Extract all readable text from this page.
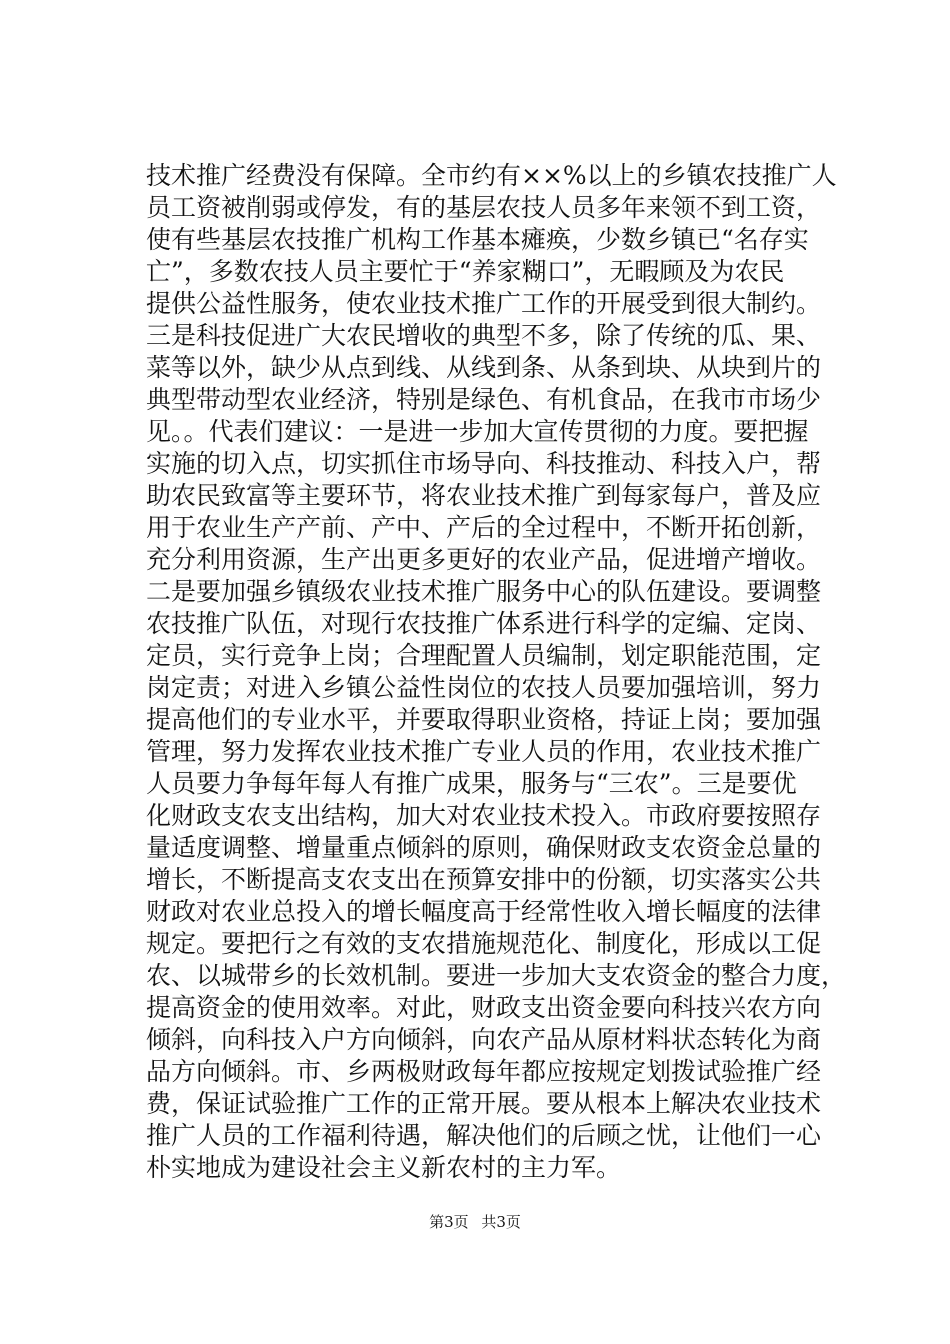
技术推广经费没有保障。全市约有××%以上的乡镇农技推广人
员工资被削弱或停发，有的基层农技人员多年来领不到工资，
使有些基层农技推广机构工作基本瘫痪，少数乡镇已“名存实
亡”，多数农技人员主要忙于“养家糊口”，无暇顾及为农民
提供公益性服务，使农业技术推广工作的开展受到很大制约。
三是科技促进广大农民增收的典型不多，除了传统的瓜、果、
菜等以外，缺少从点到线、从线到条、从条到块、从块到片的
典型带动型农业经济，特别是绿色、有机食品，在我市市场少
见。。代表们建议：一是进一步加大宣传贯彻的力度。要把握
实施的切入点，切实抓住市场导向、科技推动、科技入户，帮
助农民致富等主要环节，将农业技术推广到每家每户，普及应
用于农业生产产前、产中、产后的全过程中，不断开拓创新，
充分利用资源，生产出更多更好的农业产品，促进增产增收。
二是要加强乡镇级农业技术推广服务中心的队伍建设。要调整
农技推广队伍，对现行农技推广体系进行科学的定编、定岗、
定员，实行竞争上岗；合理配置人员编制，划定职能范围，定
岗定责；对进入乡镇公益性岗位的农技人员要加强培训，努力
提高他们的专业水平，并要取得职业资格，持证上岗；要加强
管理，努力发挥农业技术推广专业人员的作用，农业技术推广
人员要力争每年每人有推广成果，服务与“三农”。三是要优
化财政支农支出结构，加大对农业技术投入。市政府要按照存
量适度调整、增量重点倾斜的原则，确保财政支农资金总量的
增长，不断提高支农支出在预算安排中的份额，切实落实公共
财政对农业总投入的增长幅度高于经常性收入增长幅度的法律
规定。要把行之有效的支农措施规范化、制度化，形成以工促
农、以城带乡的长效机制。要进一步加大支农资金的整合力度，
提高资金的使用效率。对此，财政支出资金要向科技兴农方向
倾斜，向科技入户方向倾斜，向农产品从原材料状态转化为商
品方向倾斜。市、乡两极财政每年都应按规定划拨试验推广经
费，保证试验推广工作的正常开展。要从根本上解决农业技术
推广人员的工作福利待遇，解决他们的后顾之忧，让他们一心
朴实地成为建设社会主义新农村的主力军。
第3页 共3页
